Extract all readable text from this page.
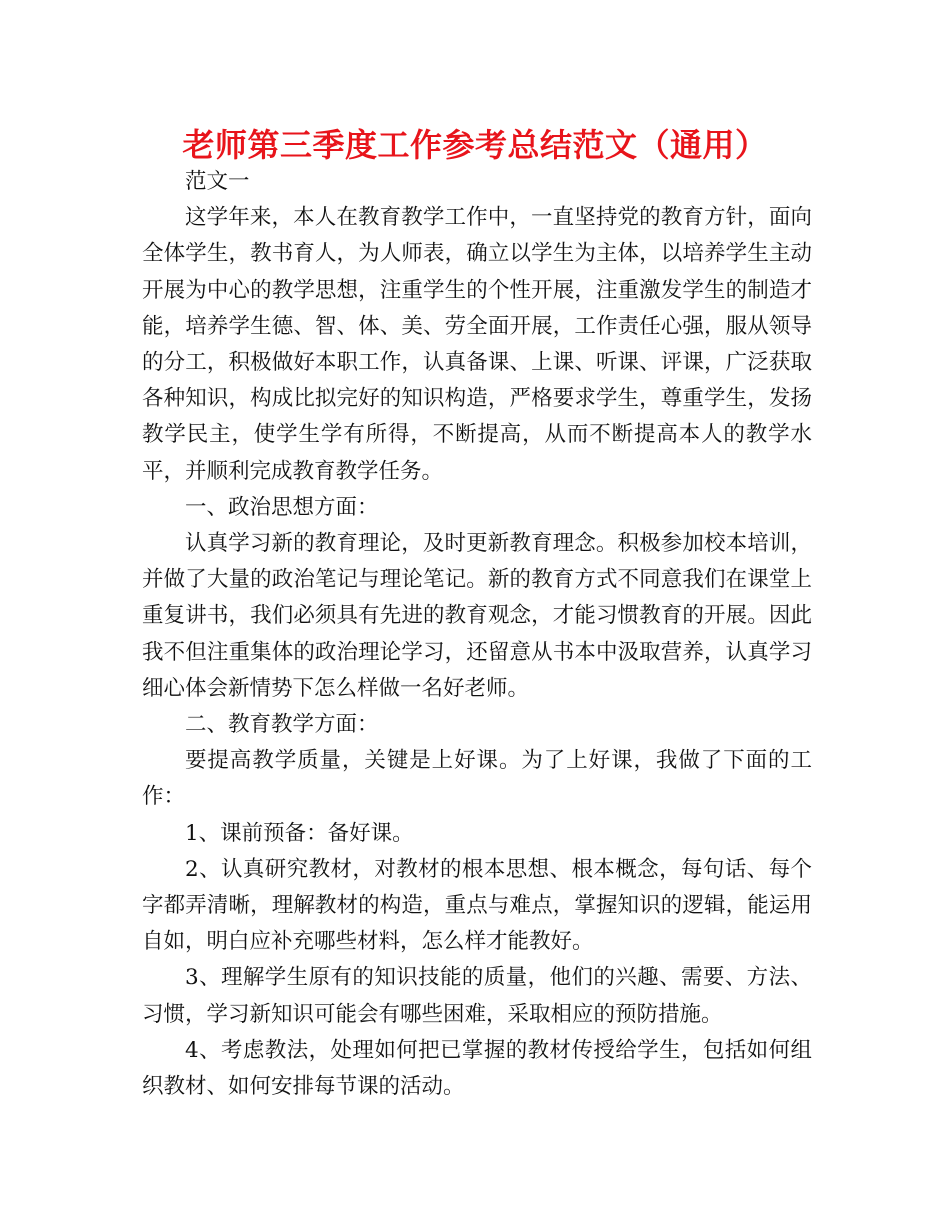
老师第三季度工作参考总结范文（通用）

范文一

这学年来，本人在教育教学工作中，一直坚持党的教育方针，面向全体学生，教书育人，为人师表，确立以学生为主体，以培养学生主动开展为中心的教学思想，注重学生的个性开展，注重激发学生的制造才能，培养学生德、智、体、美、劳全面开展，工作责任心强，服从领导的分工，积极做好本职工作，认真备课、上课、听课、评课，广泛获取各种知识，构成比拟完好的知识构造，严格要求学生，尊重学生，发扬教学民主，使学生学有所得，不断提高，从而不断提高本人的教学水平，并顺利完成教育教学任务。

一、政治思想方面：

认真学习新的教育理论，及时更新教育理念。积极参加校本培训，并做了大量的政治笔记与理论笔记。新的教育方式不同意我们在课堂上重复讲书，我们必须具有先进的教育观念，才能习惯教育的开展。因此我不但注重集体的政治理论学习，还留意从书本中汲取营养，认真学习细心体会新情势下怎么样做一名好老师。

二、教育教学方面：

要提高教学质量，关键是上好课。为了上好课，我做了下面的工作：

1、课前预备：备好课。

2、认真研究教材，对教材的根本思想、根本概念，每句话、每个字都弄清晰，理解教材的构造，重点与难点，掌握知识的逻辑，能运用自如，明白应补充哪些材料，怎么样才能教好。

3、理解学生原有的知识技能的质量，他们的兴趣、需要、方法、习惯，学习新知识可能会有哪些困难，采取相应的预防措施。

4、考虑教法，处理如何把已掌握的教材传授给学生，包括如何组织教材、如何安排每节课的活动。
